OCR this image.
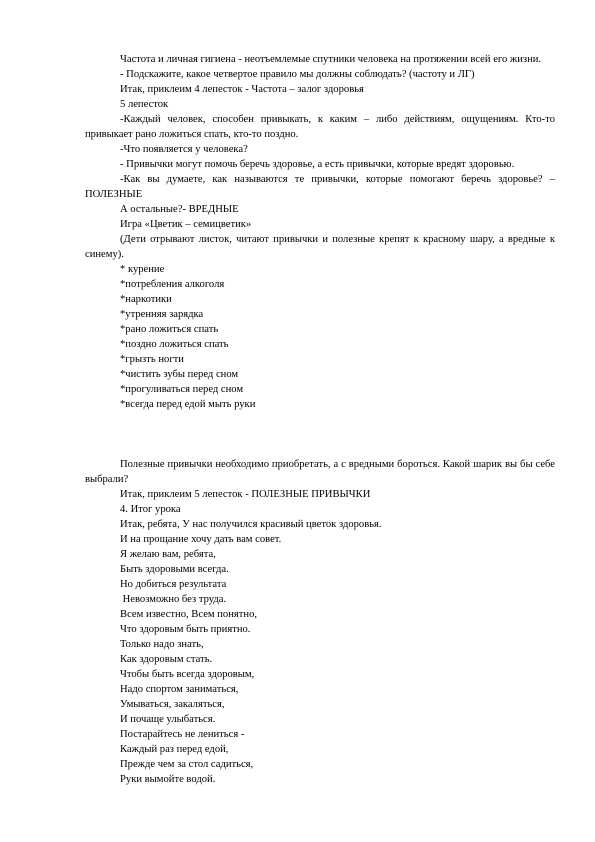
Частота и личная гигиена - неотъемлемые спутники человека на протяжении всей его жизни.

- Подскажите, какое четвертое правило мы должны соблюдать? (частоту и ЛГ)

Итак, приклеим 4 лепесток - Частота – залог здоровья

5 лепесток

-Каждый человек, способен привыкать, к каким – либо действиям, ощущениям. Кто-то привыкает рано ложиться спать, кто-то поздно.

-Что появляется у человека?

- Привычки могут помочь беречь здоровье, а есть привычки, которые вредят здоровью.

-Как вы думаете, как называются те привычки, которые помогают беречь здоровье? – ПОЛЕЗНЫЕ

А остальные?- ВРЕДНЫЕ

Игра «Цветик – семицветик»

(Дети отрывают листок, читают привычки и полезные крепят к красному шару, а вредные к синему).

* курение

*потребления алкоголя

*наркотики

*утренняя зарядка

*рано ложиться спать

*поздно ложиться спать

*грызть ногти

*чистить зубы перед сном

*прогуливаться перед сном

*всегда перед едой мыть руки

Полезные привычки необходимо приобретать, а с вредными бороться. Какой шарик вы бы себе выбрали?

Итак, приклеим 5 лепесток - ПОЛЕЗНЫЕ ПРИВЫЧКИ

4. Итог урока

Итак, ребята, У нас получился красивый цветок здоровья.

И на прощание хочу дать вам совет.

Я желаю вам, ребята,

Быть здоровыми всегда.

Но добиться результата

Невозможно без труда.

Всем известно, Всем понятно,

Что здоровым быть приятно.

Только надо знать,

Как здоровым стать.

Чтобы быть всегда здоровым,

Надо спортом заниматься,

Умываться, закаляться,

И почаще улыбаться.

Постарайтесь не лениться -

Каждый раз перед едой,

Прежде чем за стол садиться,

Руки вымойте водой.
